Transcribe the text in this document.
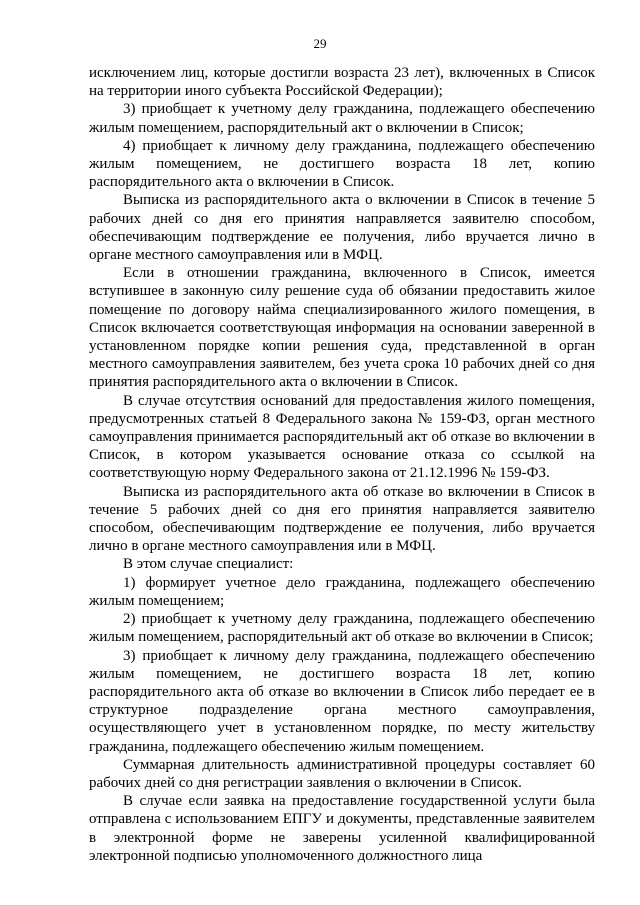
29

исключением лиц, которые достигли возраста 23 лет), включенных в Список на территории иного субъекта Российской Федерации);

3) приобщает к учетному делу гражданина, подлежащего обеспечению жилым помещением, распорядительный акт о включении в Список;

4) приобщает к личному делу гражданина, подлежащего обеспечению жилым помещением, не достигшего возраста 18 лет, копию распорядительного акта о включении в Список.

Выписка из распорядительного акта о включении в Список в течение 5 рабочих дней со дня его принятия направляется заявителю способом, обеспечивающим подтверждение ее получения, либо вручается лично в органе местного самоуправления или в МФЦ.

Если в отношении гражданина, включенного в Список, имеется вступившее в законную силу решение суда об обязании предоставить жилое помещение по договору найма специализированного жилого помещения, в Список включается соответствующая информация на основании заверенной в установленном порядке копии решения суда, представленной в орган местного самоуправления заявителем, без учета срока 10 рабочих дней со дня принятия распорядительного акта о включении в Список.

В случае отсутствия оснований для предоставления жилого помещения, предусмотренных статьей 8 Федерального закона № 159-ФЗ, орган местного самоуправления принимается распорядительный акт об отказе во включении в Список, в котором указывается основание отказа со ссылкой на соответствующую норму Федерального закона от 21.12.1996 № 159-ФЗ.

Выписка из распорядительного акта об отказе во включении в Список в течение 5 рабочих дней со дня его принятия направляется заявителю способом, обеспечивающим подтверждение ее получения, либо вручается лично в органе местного самоуправления или в МФЦ.

В этом случае специалист:

1) формирует учетное дело гражданина, подлежащего обеспечению жилым помещением;

2) приобщает к учетному делу гражданина, подлежащего обеспечению жилым помещением, распорядительный акт об отказе во включении в Список;

3) приобщает к личному делу гражданина, подлежащего обеспечению жилым помещением, не достигшего возраста 18 лет, копию распорядительного акта об отказе во включении в Список либо передает ее в структурное подразделение органа местного самоуправления, осуществляющего учет в установленном порядке, по месту жительству гражданина, подлежащего обеспечению жилым помещением.

Суммарная длительность административной процедуры составляет 60 рабочих дней со дня регистрации заявления о включении в Список.

В случае если заявка на предоставление государственной услуги была отправлена с использованием ЕПГУ и документы, представленные заявителем в электронной форме не заверены усиленной квалифицированной электронной подписью уполномоченного должностного лица
